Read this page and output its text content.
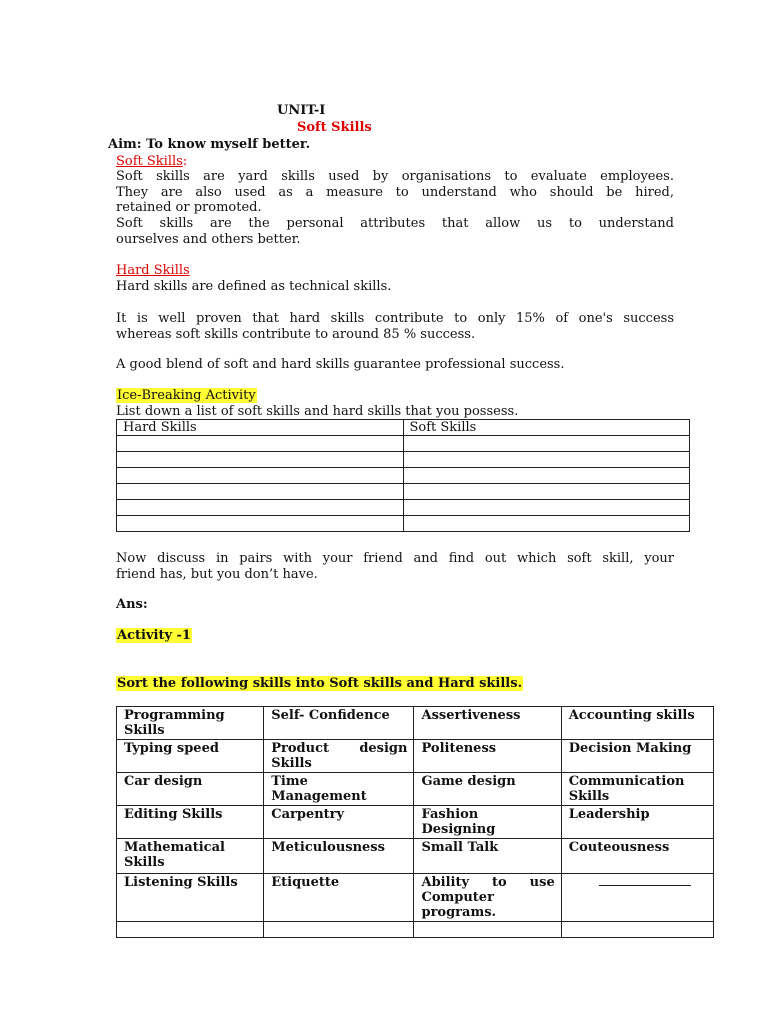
UNIT-I
Soft Skills
Aim: To know myself better.
Soft Skills:
Soft skills are yard skills used by organisations to evaluate employees.
They are also used as a measure to understand who should be hired,
retained or promoted.
Soft skills are the personal attributes that allow us to understand
ourselves and others better.
Hard Skills
Hard skills are defined as technical skills.
It is well proven that hard skills contribute to only 15% of one's success
whereas soft skills contribute to around 85 % success.
A good blend of soft and hard skills guarantee professional success.
Ice-Breaking Activity
List down a list of soft skills and hard skills that you possess.
Hard Skills	Soft Skills

Now discuss in pairs with your friend and find out which soft skill, your
friend has, but you don’t have.
Ans:
Activity -1
Sort the following skills into Soft skills and Hard skills.
Programming Skills	Self- Confidence	Assertiveness	Accounting skills
Typing speed	Product design Skills	Politeness	Decision Making
Car design	Time Management	Game design	Communication Skills
Editing Skills	Carpentry	Fashion Designing	Leadership
Mathematical Skills	Meticulousness	Small Talk	Couteousness
Listening Skills	Etiquette	Ability to use Computer programs.	
